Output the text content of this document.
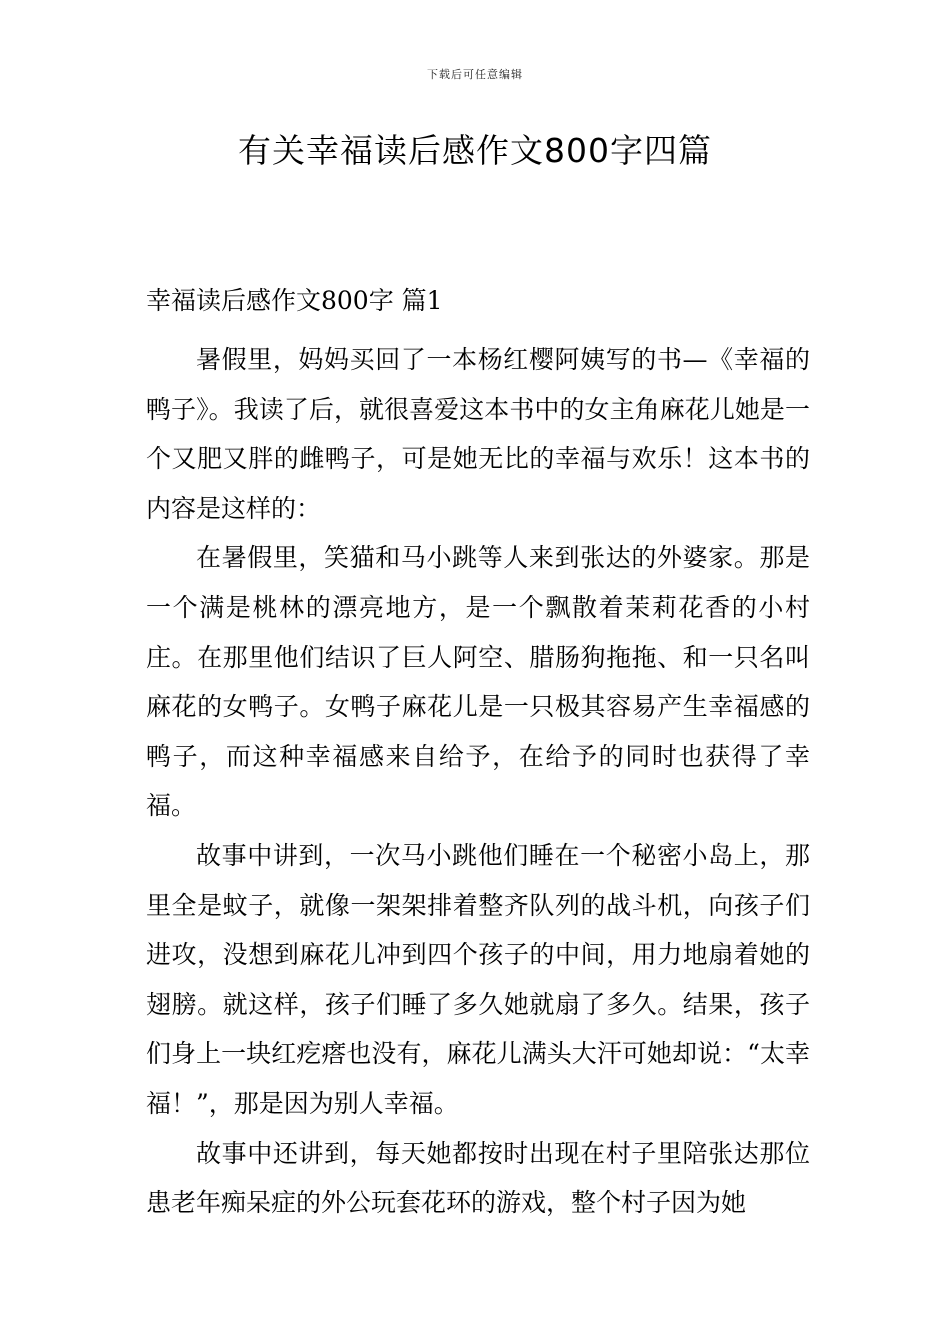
下载后可任意编辑
有关幸福读后感作文800字四篇
幸福读后感作文800字 篇1

暑假里，妈妈买回了一本杨红樱阿姨写的书—《幸福的鸭子》。我读了后，就很喜爱这本书中的女主角麻花儿她是一个又肥又胖的雌鸭子，可是她无比的幸福与欢乐！这本书的内容是这样的：

在暑假里，笑猫和马小跳等人来到张达的外婆家。那是一个满是桃林的漂亮地方，是一个飘散着茉莉花香的小村庄。在那里他们结识了巨人阿空、腊肠狗拖拖、和一只名叫麻花的女鸭子。女鸭子麻花儿是一只极其容易产生幸福感的鸭子，而这种幸福感来自给予，在给予的同时也获得了幸福。

故事中讲到，一次马小跳他们睡在一个秘密小岛上，那里全是蚊子，就像一架架排着整齐队列的战斗机，向孩子们进攻，没想到麻花儿冲到四个孩子的中间，用力地扇着她的翅膀。就这样，孩子们睡了多久她就扇了多久。结果，孩子们身上一块红疙瘩也没有，麻花儿满头大汗可她却说：“太幸福！”，那是因为别人幸福。

故事中还讲到，每天她都按时出现在村子里陪张达那位患老年痴呆症的外公玩套花环的游戏，整个村子因为她
